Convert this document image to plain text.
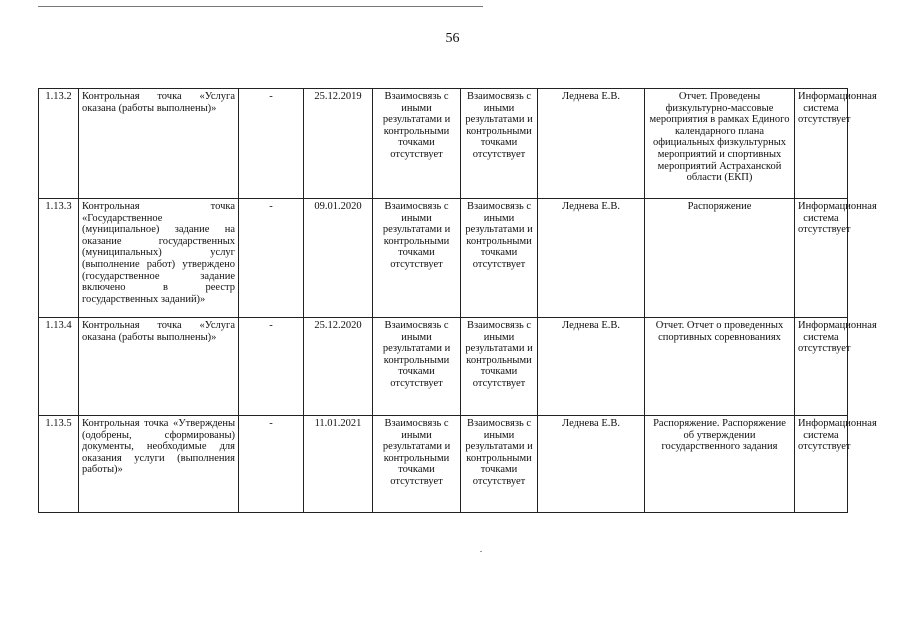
56
1.13.2	Контрольная точка «Услуга оказана (работы выполнены)»	-	25.12.2019	Взаимосвязь с иными результатами и контрольными точками отсутствует	Взаимосвязь с иными результатами и контрольными точками отсутствует	Леднева Е.В.	Отчет. Проведены физкультурно-массовые мероприятия в рамках Единого календарного плана официальных физкультурных мероприятий и спортивных мероприятий Астраханской области (ЕКП)	Информационная система отсутствует
1.13.3	Контрольная точка «Государственное (муниципальное) задание на оказание государственных (муниципальных) услуг (выполнение работ) утверждено (государственное задание включено в реестр государственных заданий)»	-	09.01.2020	Взаимосвязь с иными результатами и контрольными точками отсутствует	Взаимосвязь с иными результатами и контрольными точками отсутствует	Леднева Е.В.	Распоряжение	Информационная система отсутствует
1.13.4	Контрольная точка «Услуга оказана (работы выполнены)»	-	25.12.2020	Взаимосвязь с иными результатами и контрольными точками отсутствует	Взаимосвязь с иными результатами и контрольными точками отсутствует	Леднева Е.В.	Отчет. Отчет о проведенных спортивных соревнованиях	Информационная система отсутствует
1.13.5	Контрольная точка «Утверждены (одобрены, сформированы) документы, необходимые для оказания услуги (выполнения работы)»	-	11.01.2021	Взаимосвязь с иными результатами и контрольными точками отсутствует	Взаимосвязь с иными результатами и контрольными точками отсутствует	Леднева Е.В.	Распоряжение. Распоряжение об утверждении государственного задания	Информационная система отсутствует
